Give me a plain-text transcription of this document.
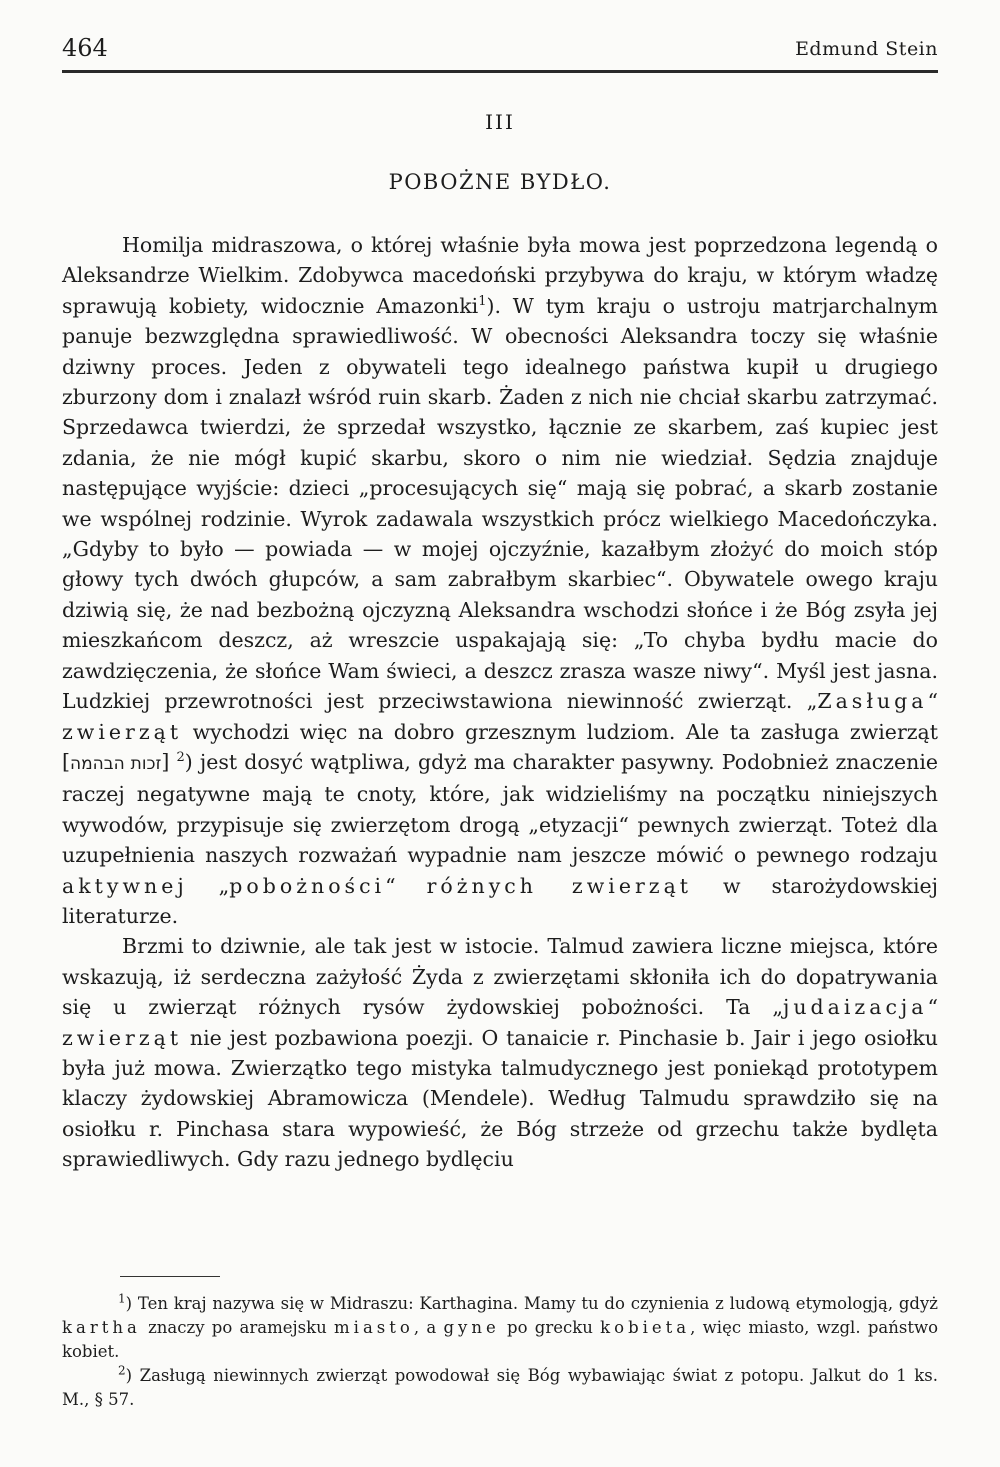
464	Edmund Stein
III
POBOŻNE BYDŁO.

Homilja midraszowa, o której właśnie była mowa jest poprzedzona legendą o Aleksandrze Wielkim. Zdobywca macedoński przybywa do kraju, w którym władzę sprawują kobiety, widocznie Amazonki$^1$). W tym kraju o ustroju matrjarchalnym panuje bezwzględna sprawiedliwość. W obecności Aleksandra toczy się właśnie dziwny proces. Jeden z obywateli tego idealnego państwa kupił u drugiego zburzony dom i znalazł wśród ruin skarb. Żaden z nich nie chciał skarbu zatrzymać. Sprzedawca twierdzi, że sprzedał wszystko, łącznie ze skarbem, zaś kupiec jest zdania, że nie mógł kupić skarbu, skoro o nim nie wiedział. Sędzia znajduje następujące wyjście: dzieci „procesujących się“ mają się pobrać, a skarb zostanie we wspólnej rodzinie. Wyrok zadawala wszystkich prócz wielkiego Macedończyka. „Gdyby to było — powiada — w mojej ojczyźnie, kazałbym złożyć do moich stóp głowy tych dwóch głupców, a sam zabrałbym skarbiec“. Obywatele owego kraju dziwią się, że nad bezbożną ojczyzną Aleksandra wschodzi słońce i że Bóg zsyła jej mieszkańcom deszcz, aż wreszcie uspakajają się: „To chyba bydłu macie do zawdzięczenia, że słońce Wam świeci, a deszcz zrasza wasze niwy“. Myśl jest jasna. Ludzkiej przewrotności jest przeciwstawiona niewinność zwierząt. „Zasługa“ zwierząt wychodzi więc na dobro grzesznym ludziom. Ale ta zasługa zwierząt [זכות הבהמה] $^2$) jest dosyć wątpliwa, gdyż ma charakter pasywny. Podobnież znaczenie raczej negatywne mają te cnoty, które, jak widzieliśmy na początku niniejszych wywodów, przypisuje się zwierzętom drogą „etyzacji“ pewnych zwierząt. Toteż dla uzupełnienia naszych rozważań wypadnie nam jeszcze mówić o pewnego rodzaju aktywnej „pobożności“ różnych zwierząt w starożydowskiej literaturze.

Brzmi to dziwnie, ale tak jest w istocie. Talmud zawiera liczne miejsca, które wskazują, iż serdeczna zażyłość Żyda z zwierzętami skłoniła ich do dopatrywania się u zwierząt różnych rysów żydowskiej pobożności. Ta „judaizacja“ zwierząt nie jest pozbawiona poezji. O tanaicie r. Pinchasie b. Jair i jego osiołku była już mowa. Zwierzątko tego mistyka talmudycznego jest poniekąd prototypem klaczy żydowskiej Abramowicza (Mendele). Według Talmudu sprawdziło się na osiołku r. Pinchasa stara wypowieść, że Bóg strzeże od grzechu także bydlęta sprawiedliwych. Gdy razu jednego bydlęciu

$^1$) Ten kraj nazywa się w Midraszu: Karthagina. Mamy tu do czynienia z ludową etymologją, gdyż kartha znaczy po aramejsku miasto, a gyne po grecku kobieta, więc miasto, wzgl. państwo kobiet.

$^2$) Zasługą niewinnych zwierząt powodował się Bóg wybawiając świat z potopu. Jalkut do 1 ks. M., § 57.
